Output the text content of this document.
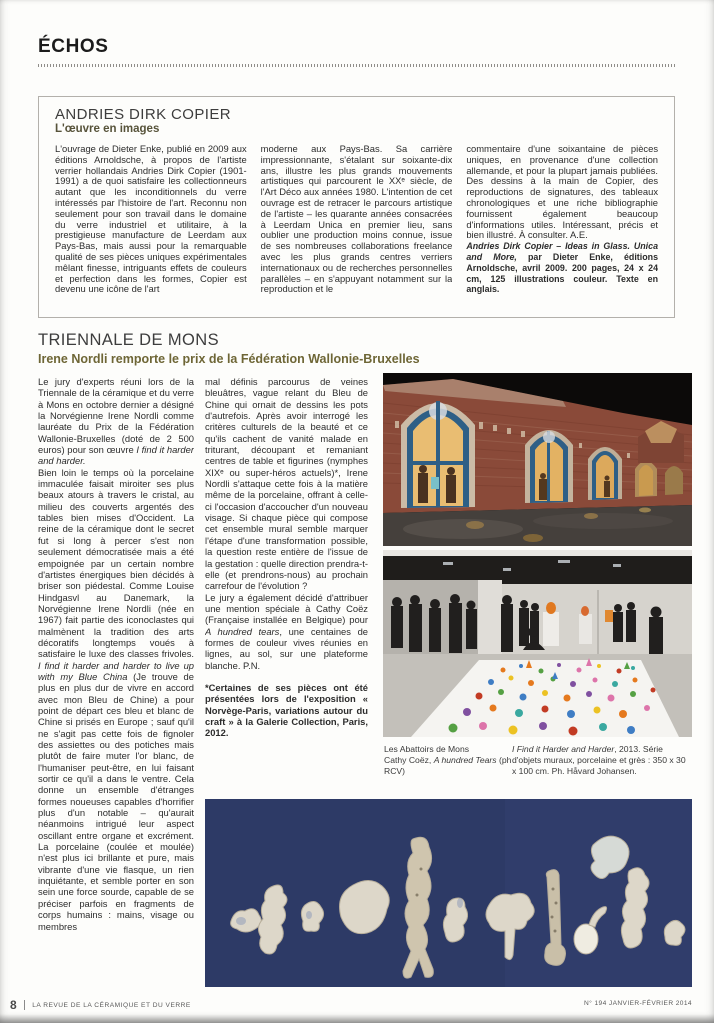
ÉCHOS
ANDRIES DIRK COPIER
L'œuvre en images
L'ouvrage de Dieter Enke, publié en 2009 aux éditions Arnoldsche, à propos de l'artiste verrier hollandais Andries Dirk Copier (1901-1991) a de quoi satisfaire les collectionneurs autant que les inconditionnels du verre intéressés par l'histoire de l'art. Reconnu non seulement pour son travail dans le domaine du verre industriel et utilitaire, à la prestigieuse manufacture de Leerdam aux Pays-Bas, mais aussi pour la remarquable qualité de ses pièces uniques expérimentales mêlant finesse, intriguants effets de couleurs et perfection dans les formes, Copier est devenu une icône de l'art
moderne aux Pays-Bas. Sa carrière impressionnante, s'étalant sur soixante-dix ans, illustre les plus grands mouvements artistiques qui parcourent le XXᵉ siècle, de l'Art Déco aux années 1980. L'intention de cet ouvrage est de retracer le parcours artistique de l'artiste – les quarante années consacrées à Leerdam Unica en premier lieu, sans oublier une production moins connue, issue de ses nombreuses collaborations freelance avec les plus grands centres verriers internationaux ou de recherches personnelles parallèles – en s'appuyant notamment sur la reproduction et le
commentaire d'une soixantaine de pièces uniques, en provenance d'une collection allemande, et pour la plupart jamais publiées. Des dessins à la main de Copier, des reproductions de signatures, des tableaux chronologiques et une riche bibliographie fournissent également beaucoup d'informations utiles. Intéressant, précis et bien illustré. À consulter. A.E.
Andries Dirk Copier – Ideas in Glass. Unica and More, par Dieter Enke, éditions Arnoldsche, avril 2009. 200 pages, 24 x 24 cm, 125 illustrations couleur. Texte en anglais.
TRIENNALE DE MONS
Irene Nordli remporte le prix de la Fédération Wallonie-Bruxelles
Le jury d'experts réuni lors de la Triennale de la céramique et du verre à Mons en octobre dernier a désigné la Norvégienne Irene Nordli comme lauréate du Prix de la Fédération Wallonie-Bruxelles (doté de 2 500 euros) pour son œuvre I find it harder and harder.
Bien loin le temps où la porcelaine immaculée faisait miroiter ses plus beaux atours à travers le cristal, au milieu des couverts argentés des tables bien mises d'Occident. La reine de la céramique dont le secret fut si long à percer s'est non seulement démocratisée mais a été empoignée par un certain nombre d'artistes énergiques bien décidés à briser son piédestal. Comme Louise Hindgasvl au Danemark, la Norvégienne Irene Nordli (née en 1967) fait partie des iconoclastes qui malmènent la tradition des arts décoratifs longtemps voués à satisfaire le luxe des classes frivoles. I find it harder and harder to live up with my Blue China (Je trouve de plus en plus dur de vivre en accord avec mon Bleu de Chine) a pour point de départ ces bleu et blanc de Chine si prisés en Europe ; sauf qu'il ne s'agit pas cette fois de fignoler des assiettes ou des potiches mais plutôt de faire muter l'or blanc, de l'humaniser peut-être, en lui faisant sortir ce qu'il a dans le ventre. Cela donne un ensemble d'étranges formes noueuses capables d'horrifier plus d'un notable – qu'aurait néanmoins intrigué leur aspect oscillant entre organe et excrément. La porcelaine (coulée et moulée) n'est plus ici brillante et pure, mais vibrante d'une vie flasque, un rien inquiétante, et semble porter en son sein une force sourde, capable de se préciser parfois en fragments de corps humains : mains, visage ou membres
mal définis parcourus de veines bleuâtres, vague relant du Bleu de Chine qui ornait de dessins les pots d'autrefois. Après avoir interrogé les critères culturels de la beauté et ce qu'ils cachent de vanité malade en triturant, découpant et remaniant centres de table et figurines (nymphes XIXᵉ ou super-héros actuels)*, Irene Nordli s'attaque cette fois à la matière même de la porcelaine, offrant à celle-ci l'occasion d'accoucher d'un nouveau visage. Si chaque pièce qui compose cet ensemble mural semble marquer l'étape d'une transformation possible, la question reste entière de l'issue de la gestation : quelle direction prendra-t-elle (et prendrons-nous) au prochain carrefour de l'évolution ?
Le jury a également décidé d'attribuer une mention spéciale à Cathy Coëz (Française installée en Belgique) pour A hundred tears, une centaines de formes de couleur vives réunies en lignes, au sol, sur une plateforme blanche. P.N.
*Certaines de ses pièces ont été présentées lors de l'exposition « Norvège-Paris, variations autour du craft » à la Galerie Collection, Paris, 2012.
Les Abattoirs de Mons
Cathy Coëz, A hundred Tears (ph RCV)
I Find it Harder and Harder, 2013. Série d'objets muraux, porcelaine et grès : 350 x 30 x 100 cm. Ph. Håvard Johansen.
8 LA REVUE DE LA CÉRAMIQUE ET DU VERRE	N° 194 JANVIER-FÉVRIER 2014
